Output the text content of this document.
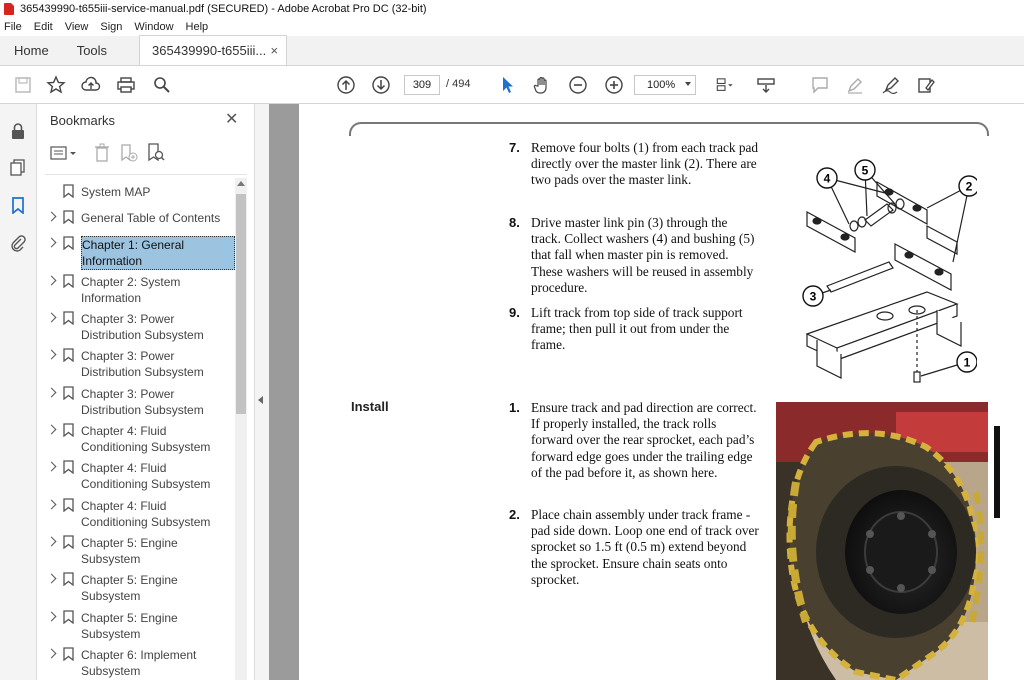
365439990-t655iii-service-manual.pdf (SECURED) - Adobe Acrobat Pro DC (32-bit)
File Edit View Sign Window Help
Home	Tools	365439990-t655iii... ×
309	/ 494	100%
Bookmarks	✕
System MAP
General Table of Contents
Chapter 1: General Information
Chapter 2: System Information
Chapter 3: Power Distribution Subsystem
Chapter 3: Power Distribution Subsystem
Chapter 3: Power Distribution Subsystem
Chapter 4: Fluid Conditioning Subsystem
Chapter 4: Fluid Conditioning Subsystem
Chapter 4: Fluid Conditioning Subsystem
Chapter 5: Engine Subsystem
Chapter 5: Engine Subsystem
Chapter 5: Engine Subsystem
Chapter 6: Implement Subsystem
7. Remove four bolts (1) from each track pad directly over the master link (2). There are two pads over the master link.
8. Drive master link pin (3) through the track. Collect washers (4) and bushing (5) that fall when master pin is removed. These washers will be reused in assembly procedure.
9. Lift track from top side of track support frame; then pull it out from under the frame.
Install	1. Ensure track and pad direction are correct. If properly installed, the track rolls forward over the rear sprocket, each pad’s forward edge goes under the trailing edge of the pad before it, as shown here.
2. Place chain assembly under track frame - pad side down. Loop one end of track over sprocket so 1.5 ft (0.5 m) extend beyond the sprocket. Ensure chain seats onto sprocket.
4
5
2
3
1
